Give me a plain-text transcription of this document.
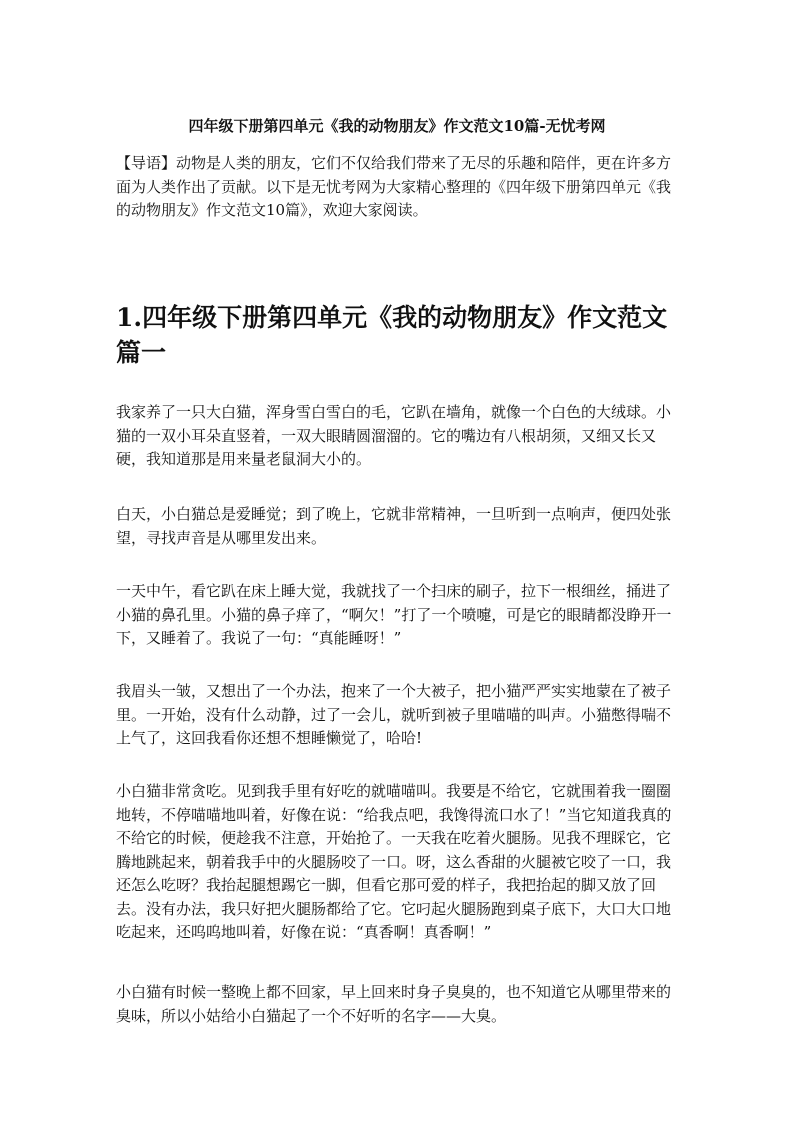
四年级下册第四单元《我的动物朋友》作文范文10篇-无忧考网

【导语】动物是人类的朋友，它们不仅给我们带来了无尽的乐趣和陪伴，更在许多方面为人类作出了贡献。以下是无忧考网为大家精心整理的《四年级下册第四单元《我的动物朋友》作文范文10篇》，欢迎大家阅读。

1.四年级下册第四单元《我的动物朋友》作文范文篇一

我家养了一只大白猫，浑身雪白雪白的毛，它趴在墙角，就像一个白色的大绒球。小猫的一双小耳朵直竖着，一双大眼睛圆溜溜的。它的嘴边有八根胡须，又细又长又硬，我知道那是用来量老鼠洞大小的。

白天，小白猫总是爱睡觉；到了晚上，它就非常精神，一旦听到一点响声，便四处张望，寻找声音是从哪里发出来。

一天中午，看它趴在床上睡大觉，我就找了一个扫床的刷子，拉下一根细丝，捅进了小猫的鼻孔里。小猫的鼻子痒了，“啊欠！”打了一个喷嚏，可是它的眼睛都没睁开一下，又睡着了。我说了一句：“真能睡呀！”

我眉头一皱，又想出了一个办法，抱来了一个大被子，把小猫严严实实地蒙在了被子里。一开始，没有什么动静，过了一会儿，就听到被子里喵喵的叫声。小猫憋得喘不上气了，这回我看你还想不想睡懒觉了，哈哈!

小白猫非常贪吃。见到我手里有好吃的就喵喵叫。我要是不给它，它就围着我一圈圈地转，不停喵喵地叫着，好像在说：“给我点吧，我馋得流口水了！”当它知道我真的不给它的时候，便趁我不注意，开始抢了。一天我在吃着火腿肠。见我不理睬它，它腾地跳起来，朝着我手中的火腿肠咬了一口。呀，这么香甜的火腿被它咬了一口，我还怎么吃呀？我抬起腿想踢它一脚，但看它那可爱的样子，我把抬起的脚又放了回去。没有办法，我只好把火腿肠都给了它。它叼起火腿肠跑到桌子底下，大口大口地吃起来，还呜呜地叫着，好像在说：“真香啊！真香啊！”

小白猫有时候一整晚上都不回家，早上回来时身子臭臭的，也不知道它从哪里带来的臭味，所以小姑给小白猫起了一个不好听的名字——大臭。
